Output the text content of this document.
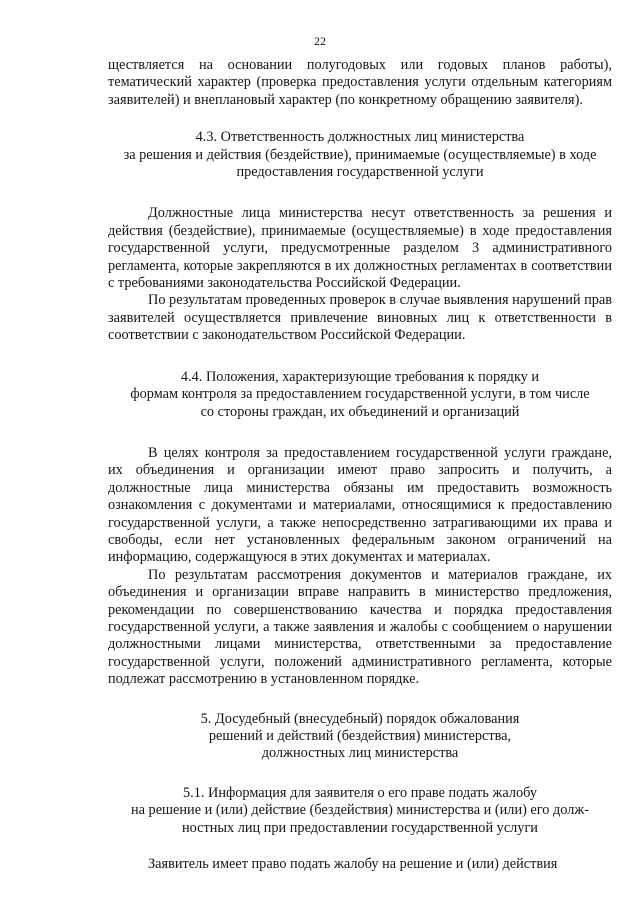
22

ществляется на основании полугодовых или годовых планов работы), тематический характер (проверка предоставления услуги отдельным категориям заявителей) и внеплановый характер (по конкретному обращению заявителя).

4.3. Ответственность должностных лиц министерства
за решения и действия (бездействие), принимаемые (осуществляемые) в ходе
предоставления государственной услуги

Должностные лица министерства несут ответственность за решения и действия (бездействие), принимаемые (осуществляемые) в ходе предоставления государственной услуги, предусмотренные разделом 3 административного регламента, которые закрепляются в их должностных регламентах в соответствии с требованиями законодательства Российской Федерации.

По результатам проведенных проверок в случае выявления нарушений прав заявителей осуществляется привлечение виновных лиц к ответственности в соответствии с законодательством Российской Федерации.

4.4. Положения, характеризующие требования к порядку и
формам контроля за предоставлением государственной услуги, в том числе
со стороны граждан, их объединений и организаций

В целях контроля за предоставлением государственной услуги граждане, их объединения и организации имеют право запросить и получить, а должностные лица министерства обязаны им предоставить возможность ознакомления с документами и материалами, относящимися к предоставлению государственной услуги, а также непосредственно затрагивающими их права и свободы, если нет установленных федеральным законом ограничений на информацию, содержащуюся в этих документах и материалах.

По результатам рассмотрения документов и материалов граждане, их объединения и организации вправе направить в министерство предложения, рекомендации по совершенствованию качества и порядка предоставления государственной услуги, а также заявления и жалобы с сообщением о нарушении должностными лицами министерства, ответственными за предоставление государственной услуги, положений административного регламента, которые подлежат рассмотрению в установленном порядке.

5. Досудебный (внесудебный) порядок обжалования
решений и действий (бездействия) министерства,
должностных лиц министерства
5.1. Информация для заявителя о его праве подать жалобу
на решение и (или) действие (бездействия) министерства и (или) его долж-
ностных лиц при предоставлении государственной услуги

Заявитель имеет право подать жалобу на решение и (или) действия
